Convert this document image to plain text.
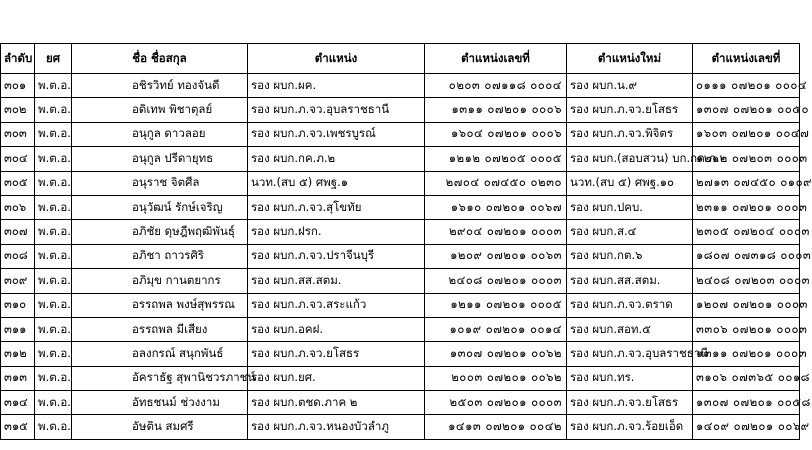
ลำดับ	ยศ	ชื่อ ชื่อสกุล	ตำแหน่ง	ตำแหน่งเลขที่	ตำแหน่งใหม่	ตำแหน่งเลขที่
๓๐๑	พ.ต.อ.	อชิรวิทย์ ทองจันดี	รอง ผบก.ผค.	๐๒๐๓ ๐๗๑๑๘ ๐๐๐๔	รอง ผบก.น.๙	๐๑๑๑ ๐๗๒๐๑ ๐๐๐๔
๓๐๒	พ.ต.อ.	อดิเทพ พิชาตุลย์	รอง ผบก.ภ.จว.อุบลราชธานี	๑๓๑๑ ๐๗๒๐๑ ๐๐๐๖	รอง ผบก.ภ.จว.ยโสธร	๑๓๐๗ ๐๗๒๐๑ ๐๐๕๐
๓๐๓	พ.ต.อ.	อนุกูล ดาวลอย	รอง ผบก.ภ.จว.เพชรบูรณ์	๑๖๐๔ ๐๗๒๐๑ ๐๐๐๖	รอง ผบก.ภ.จว.พิจิตร	๑๖๐๓ ๐๗๒๐๑ ๐๐๔๗
๓๐๔	พ.ต.อ.	อนุกูล ปรีดายุทธ	รอง ผบก.กค.ภ.๒	๑๒๑๒ ๐๗๒๐๕ ๐๐๐๕	รอง ผบก.(สอบสวน) บก.กค.ภ.๒	๑๒๑๒ ๐๗๒๐๓ ๐๐๐๓
๓๐๕	พ.ต.อ.	อนุราช จิตศีล	นวท.(สบ ๕) ศพฐ.๑	๒๗๐๔ ๐๗๔๕๐ ๐๒๓๐	นวท.(สบ ๕) ศพฐ.๑๐	๒๗๑๓ ๐๗๔๕๐ ๐๑๐๙
๓๐๖	พ.ต.อ.	อนุวัฒน์ รักษ์เจริญ	รอง ผบก.ภ.จว.สุโขทัย	๑๖๑๐ ๐๗๒๐๑ ๐๐๖๗	รอง ผบก.ปคบ.	๒๓๑๑ ๐๗๒๐๑ ๐๐๐๓
๓๐๗	พ.ต.อ.	อภิชัย ดุษฎีพฤฒิพันธุ์	รอง ผบก.ฝรก.	๒๙๐๔ ๐๗๒๐๑ ๐๐๐๓	รอง ผบก.ส.๔	๒๓๐๕ ๐๗๒๐๔ ๐๐๐๓
๓๐๘	พ.ต.อ.	อภิชา ถาวรศิริ	รอง ผบก.ภ.จว.ปราจีนบุรี	๑๒๐๙ ๐๗๒๐๑ ๐๐๖๓	รอง ผบก.กต.๖	๑๘๐๗ ๐๗๓๑๘ ๐๐๐๓
๓๐๙	พ.ต.อ.	อภิมุข กานตยากร	รอง ผบก.สส.สตม.	๒๔๐๘ ๐๗๒๐๑ ๐๐๐๓	รอง ผบก.สส.สตม.	๒๔๐๘ ๐๗๒๐๓ ๐๐๐๓
๓๑๐	พ.ต.อ.	อรรถพล พงษ์สุพรรณ	รอง ผบก.ภ.จว.สระแก้ว	๑๒๑๑ ๐๗๒๐๑ ๐๐๐๕	รอง ผบก.ภ.จว.ตราด	๑๒๐๗ ๐๗๒๐๑ ๐๐๐๓
๓๑๑	พ.ต.อ.	อรรถพล มีเสียง	รอง ผบก.อคฝ.	๑๐๑๙ ๐๗๒๐๑ ๐๐๑๔	รอง ผบก.สอท.๕	๓๓๐๖ ๐๗๒๐๑ ๐๐๐๓
๓๑๒	พ.ต.อ.	อลงกรณ์ สนุกพันธ์	รอง ผบก.ภ.จว.ยโสธร	๑๓๐๗ ๐๗๒๐๑ ๐๐๖๒	รอง ผบก.ภ.จว.อุบลราชธานี	๑๓๑๑ ๐๗๒๐๑ ๐๐๐๓
๓๑๓	พ.ต.อ.	อัคราธัฐ สุพานิชวรภาชน์	รอง ผบก.ยศ.	๒๐๐๓ ๐๗๒๐๑ ๐๐๖๒	รอง ผบก.ทร.	๓๑๐๖ ๐๗๓๖๕ ๐๐๑๘
๓๑๔	พ.ต.อ.	อัทธชนม์ ช่วงงาม	รอง ผบก.ตชด.ภาค ๒	๒๕๐๓ ๐๗๒๐๑ ๐๐๐๓	รอง ผบก.ภ.จว.ยโสธร	๑๓๐๗ ๐๗๒๐๑ ๐๐๕๘
๓๑๕	พ.ต.อ.	อัษติน สมศรี	รอง ผบก.ภ.จว.หนองบัวลำภู	๑๔๑๓ ๐๗๒๐๑ ๐๐๔๒	รอง ผบก.ภ.จว.ร้อยเอ็ด	๑๔๐๙ ๐๗๒๐๑ ๐๐๖๙
